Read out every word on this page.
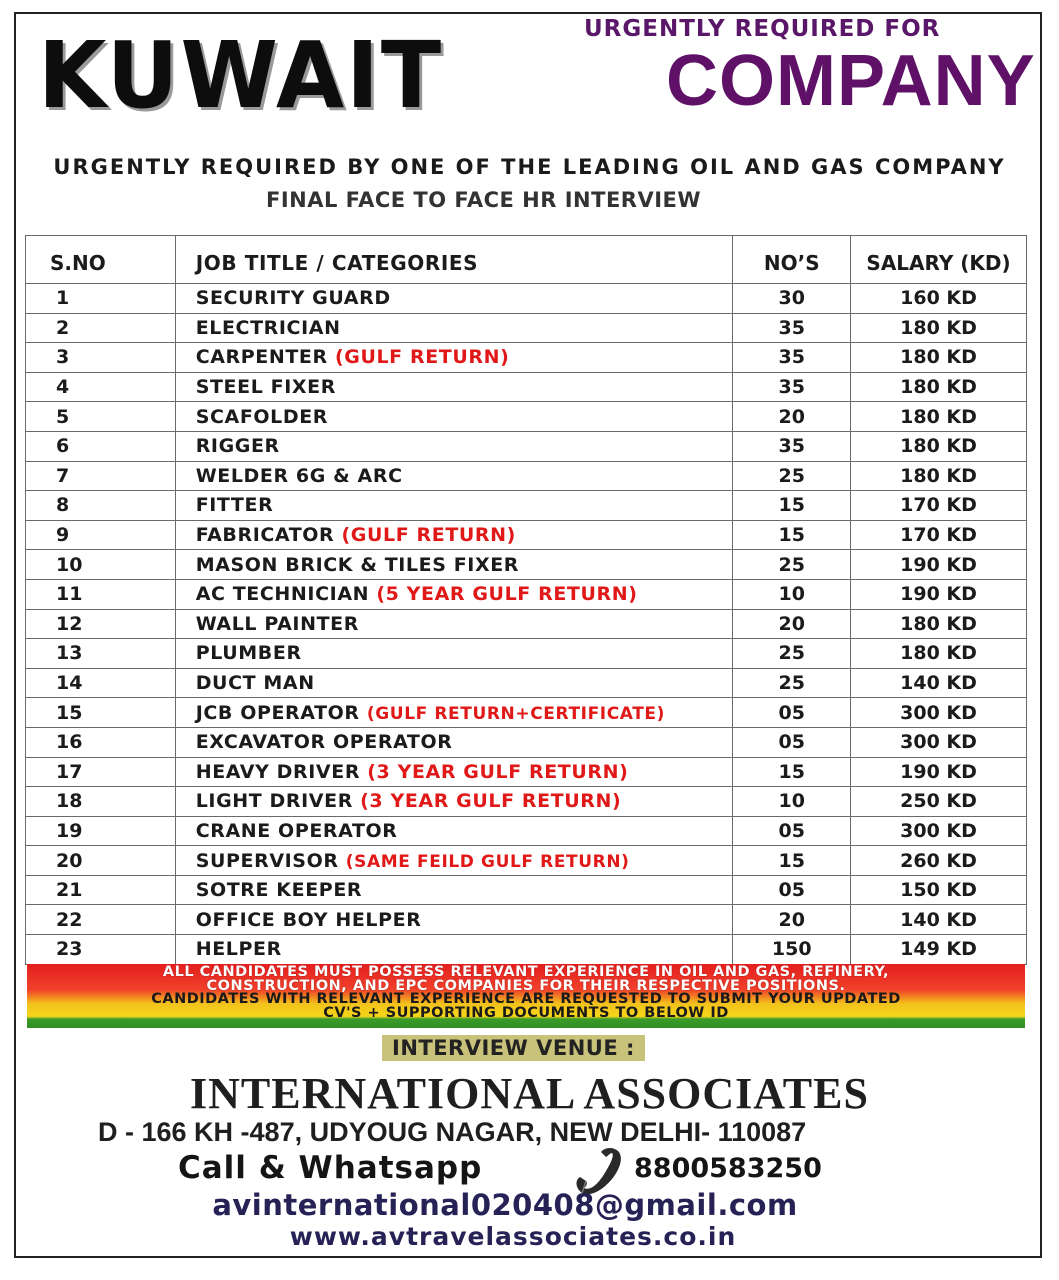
KUWAIT	URGENTLY REQUIRED FOR
COMPANY
URGENTLY REQUIRED BY ONE OF THE LEADING OIL AND GAS COMPANY
FINAL FACE TO FACE HR INTERVIEW
S.NO	JOB TITLE / CATEGORIES	NO’S	SALARY (KD)
1	SECURITY GUARD	30	160 KD
2	ELECTRICIAN	35	180 KD
3	CARPENTER (GULF RETURN)	35	180 KD
4	STEEL FIXER	35	180 KD
5	SCAFOLDER	20	180 KD
6	RIGGER	35	180 KD
7	WELDER 6G & ARC	25	180 KD
8	FITTER	15	170 KD
9	FABRICATOR (GULF RETURN)	15	170 KD
10	MASON BRICK & TILES FIXER	25	190 KD
11	AC TECHNICIAN (5 YEAR GULF RETURN)	10	190 KD
12	WALL PAINTER	20	180 KD
13	PLUMBER	25	180 KD
14	DUCT MAN	25	140 KD
15	JCB OPERATOR (GULF RETURN+CERTIFICATE)	05	300 KD
16	EXCAVATOR OPERATOR	05	300 KD
17	HEAVY DRIVER (3 YEAR GULF RETURN)	15	190 KD
18	LIGHT DRIVER (3 YEAR GULF RETURN)	10	250 KD
19	CRANE OPERATOR	05	300 KD
20	SUPERVISOR (SAME FEILD GULF RETURN)	15	260 KD
21	SOTRE KEEPER	05	150 KD
22	OFFICE BOY HELPER	20	140 KD
23	HELPER	150	149 KD
ALL CANDIDATES MUST POSSESS RELEVANT EXPERIENCE IN OIL AND GAS, REFINERY,
CONSTRUCTION, AND EPC COMPANIES FOR THEIR RESPECTIVE POSITIONS.
CANDIDATES WITH RELEVANT EXPERIENCE ARE REQUESTED TO SUBMIT YOUR UPDATED
CV'S + SUPPORTING DOCUMENTS TO BELOW ID
INTERVIEW VENUE :
INTERNATIONAL ASSOCIATES
D - 166 KH -487, UDYOUG NAGAR, NEW DELHI- 110087
Call & Whatsapp	8800583250
avinternational020408@gmail.com
www.avtravelassociates.co.in
